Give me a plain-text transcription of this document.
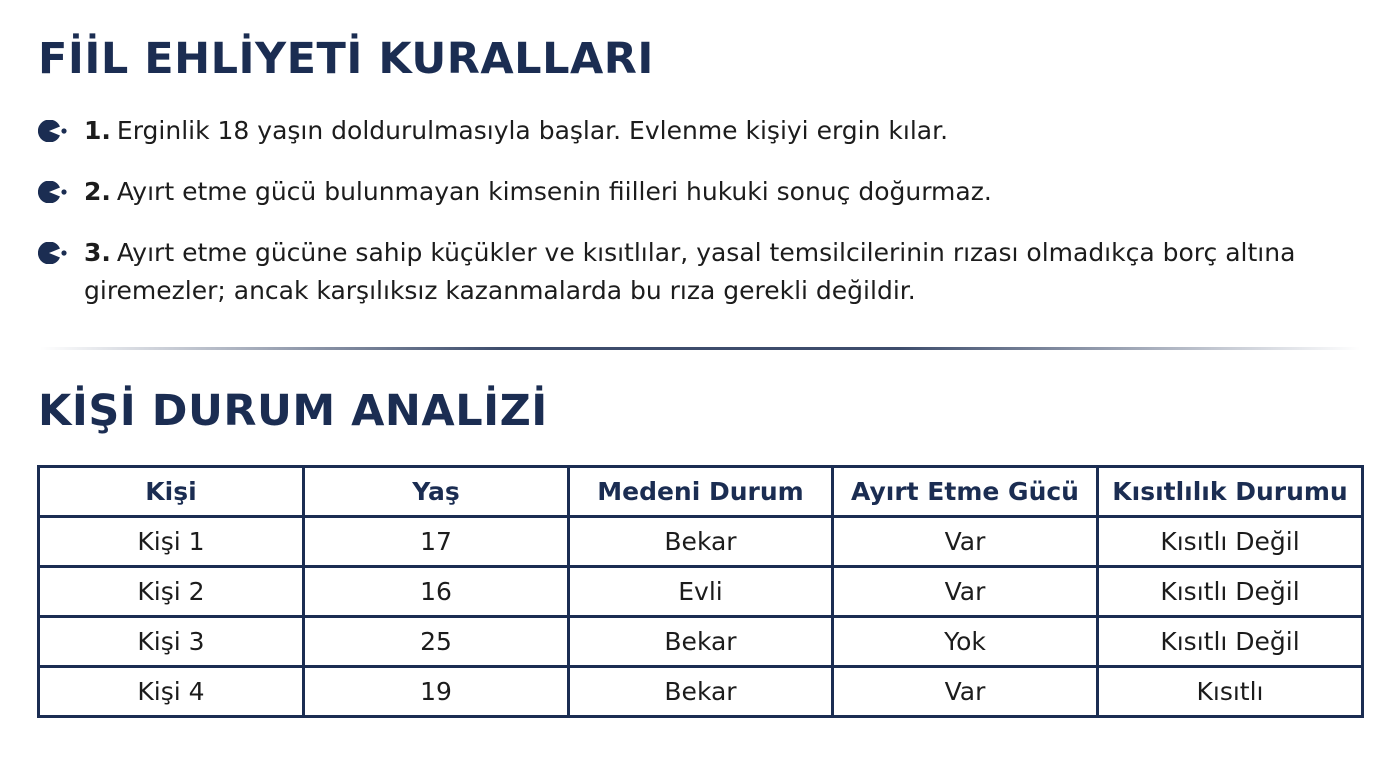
FİİL EHLİYETİ KURALLARI
1. Erginlik 18 yaşın doldurulmasıyla başlar. Evlenme kişiyi ergin kılar.
2. Ayırt etme gücü bulunmayan kimsenin fiilleri hukuki sonuç doğurmaz.
3. Ayırt etme gücüne sahip küçükler ve kısıtlılar, yasal temsilcilerinin rızası olmadıkça borç altına giremezler; ancak karşılıksız kazanmalarda bu rıza gerekli değildir.
KİŞİ DURUM ANALİZİ
Kişi	Yaş	Medeni Durum	Ayırt Etme Gücü	Kısıtlılık Durumu
Kişi 1	17	Bekar	Var	Kısıtlı Değil
Kişi 2	16	Evli	Var	Kısıtlı Değil
Kişi 3	25	Bekar	Yok	Kısıtlı Değil
Kişi 4	19	Bekar	Var	Kısıtlı
